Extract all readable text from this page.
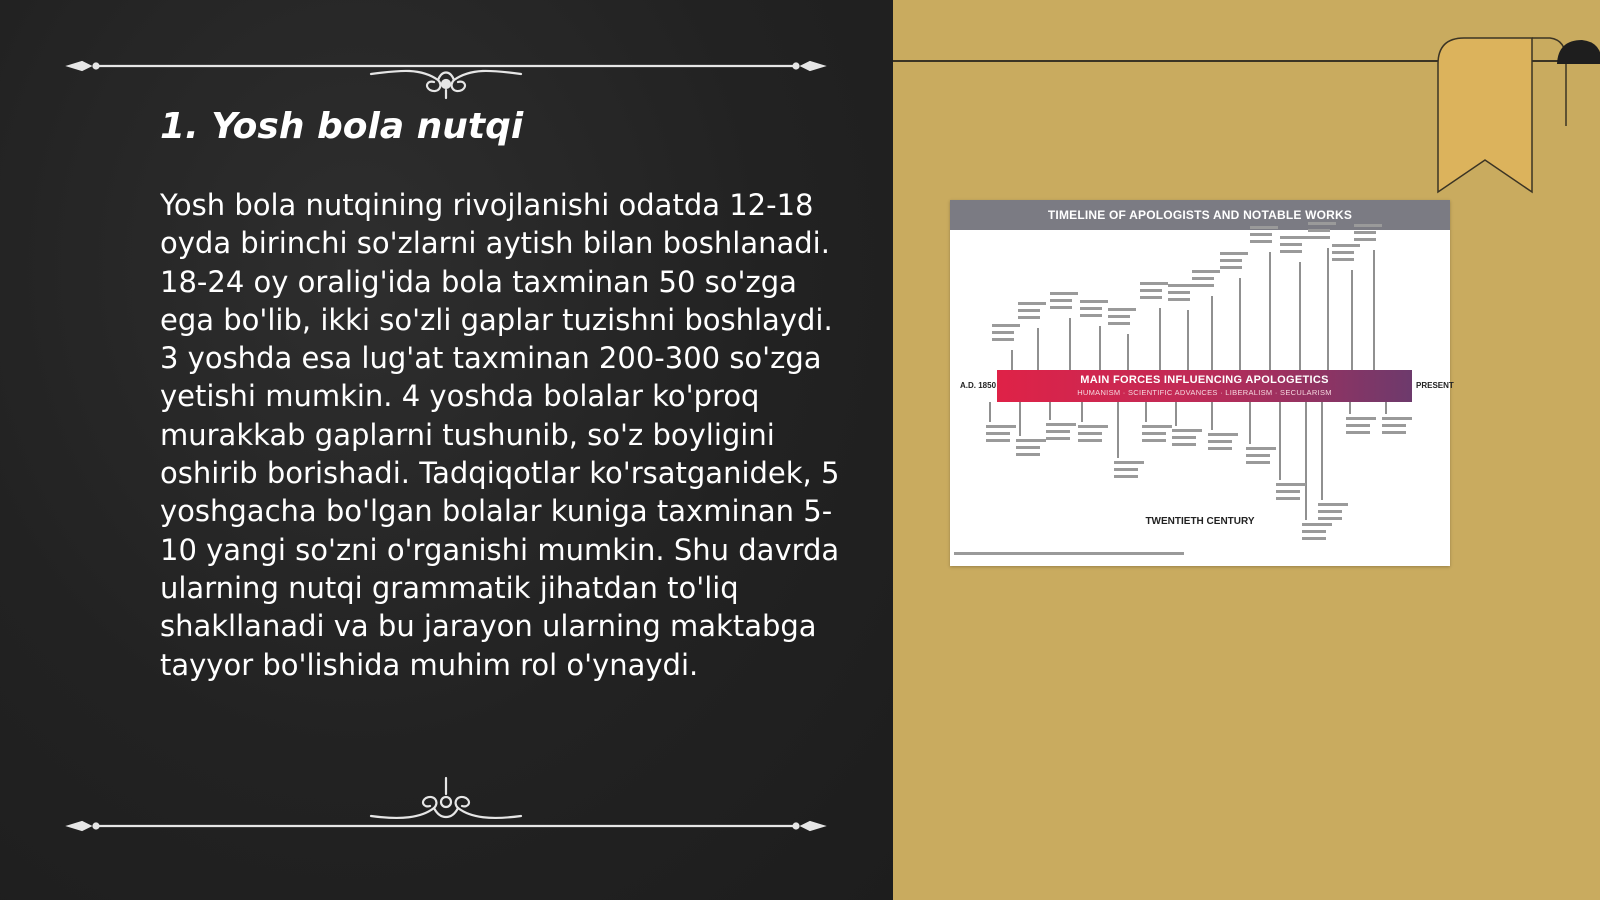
1. Yosh bola nutqi

Yosh bola nutqining rivojlanishi odatda 12-18 oyda birinchi so'zlarni aytish bilan boshlanadi. 18-24 oy oralig'ida bola taxminan 50 so'zga ega bo'lib, ikki so'zli gaplar tuzishni boshlaydi. 3 yoshda esa lug'at taxminan 200-300 so'zga yetishi mumkin. 4 yoshda bolalar ko'proq murakkab gaplarni tushunib, so'z boyligini oshirib borishadi. Tadqiqotlar ko'rsatganidek, 5 yoshgacha bo'lgan bolalar kuniga taxminan 5-10 yangi so'zni o'rganishi mumkin. Shu davrda ularning nutqi grammatik jihatdan to'liq shakllanadi va bu jarayon ularning maktabga tayyor bo'lishida muhim rol o'ynaydi.

TIMELINE OF APOLOGISTS AND NOTABLE WORKS
MAIN FORCES INFLUENCING APOLOGETICS
HUMANISM · SCIENTIFIC ADVANCES · LIBERALISM · SECULARISM
A.D. 1850	PRESENT
TWENTIETH CENTURY
